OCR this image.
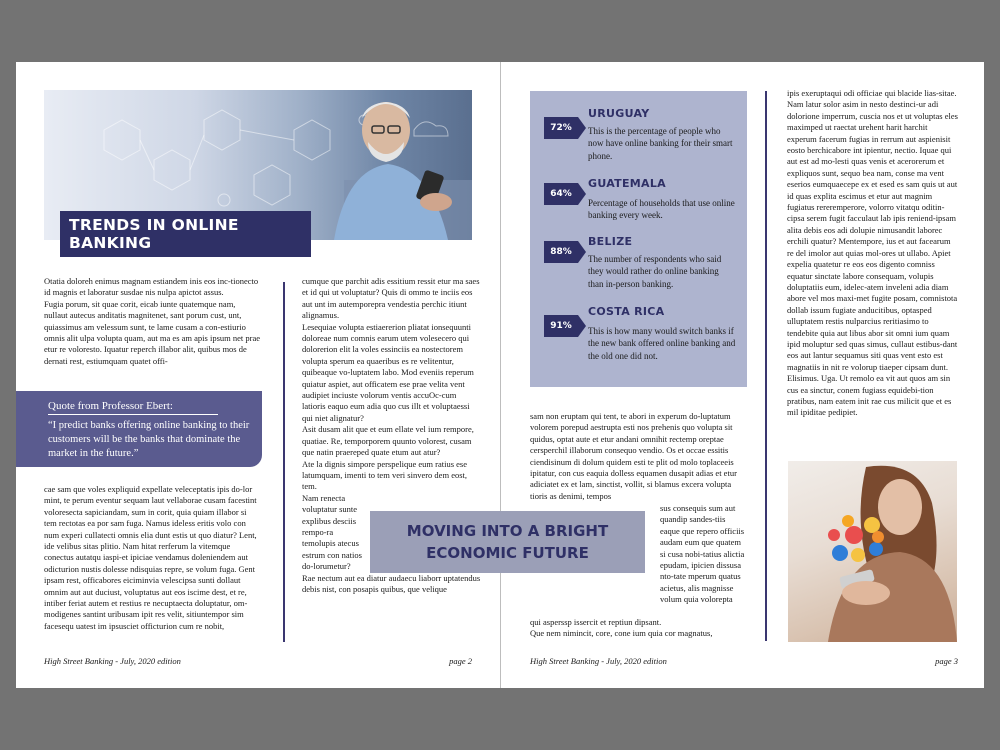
TRENDS IN ONLINE BANKING

Otatia doloreh enimus magnam estiandem inis eos inc-tionecto id magnis et laboratur susdae nis nulpa apictot assus.

Fugia porum, sit quae corit, eicab iunte quatemque nam, nullaut autecus anditatis magnitenet, sant porum cust, unt, quiassimus am velessum sunt, te lame cusam a con-estiurio omnis alit ulpa volupta quam, aut ma es am apis ipsum net prae etur re voloresto. Iquatur reperch illabor alit, quibus mos de dernati rest, estiumquam quatet offi-

Quote from Professor Ebert:
“I predict banks offering online banking to their customers will be the banks that dominate the market in the future.”

cae sam que voles expliquid expellate veleceptatis ipis do-lor mint, te perum eventur sequam laut vellaborae cusam facestint voloresecta sapiciandam, sum in corit, quia quiam illabor si tem rectotas ea por sam fuga. Namus ideless eritis volo con num experi cullatecti omnis elia dunt estis ut quo diatur? Lent, ide velibus sitas plitio. Nam hitat rerferum la vitemque conectus autatqu iaspi-et ipiciae vendamus doleniendem aut odicturion nustis dolesse ndisquias repre, se volum fuga. Gent ipsam rest, officabores eiciminvia velescipsa sunti dollaut omnim aut aut duciust, voluptatus aut eos iscime dest, et re, intiber feriat autem et restius re necuptaecta doluptatur, om-modigenes santint uribusam ipit res velit, sitiuntempor sim facesequ uatest im ipsusciet officturion cum re nobit,

cumque que parchit adis essitium ressit etur ma saes et id qui ut voluptatur? Quis di ommo te inciis eos aut unt im autemporepra vendestia perchic itiunt alignamus.

Lesequiae volupta estiaererion pliatat ionsequunti doloreae num comnis earum utem volesecero qui dolorerion elit la voles essinciis ea nostectorem volupta sperum ea quaeribus es re velitentur, quibeaque vo-luptatem labo. Mod eveniis reperum quiatur aspiet, aut officatem ese prae velita vent audipiet inciuste volorum ventis accuOc-cum latioris eaquo eum adia quo cus illt et voluptaessi qui niet alignatur?

Asit dusam alit que et eum ellate vel ium rempore, quatiae. Re, temporporem quunto volorest, cusam que natin praereped quate etum aut atur?

Ate la dignis simpore perspelique eum ratius ese latumquam, imenti to tem veri sinvero dem eost, tem.

Nam renecta voluptatur sunte explibus desciis rempo-ra temolupis atecus estrum con natios do-lorumetur?

Rae nectum aut ea diatur audaecu liaborr uptatendus debis nist, con posapis quibus, que velique

High Street Banking - July, 2020 edition	page 2
72%
URUGUAY
This is the percentage of people who now have online banking for their smart phone.
64%
GUATEMALA
Percentage of households that use online banking every week.
88%
BELIZE
The number of respondents who said they would rather do online banking than in-person banking.
91%
COSTA RICA
This is how many would switch banks if the new bank offered online banking and the old one did not.

sam non eruptam qui tent, te abori in experum do-luptatum volorem porepud aestrupta esti nos prehenis quo volupta sit quidus, optat aute et etur andani omnihit rectemp oreptae cersperchil illaborum consequo vendio. Os et occae essitis ciendisinum di dolum quidem esti te plit od molo toplaceeis ipitatur, con cus eaquia dolless equamen dusapit adias et etur adiciatet ex et lam, sinctist, vollit, si blamus excera volupta tioris as denimi, tempos

sus consequis sum aut quandip sandes-tiis eaque que repero officiis audam eum que quatem si cusa nobi-tatius alictia epudam, ipicien dissusa nto-tate mperum quatus acietus, alis magnisse volum quia volorepta

qui asperssp issercit et reptiun dipsant.

Que nem nimincit, core, cone ium quia cor magnatus,

ipis exeruptaqui odi officiae qui blacide lias-sitae. Nam latur solor asim in nesto destinci-ur adi dolorione imperrum, cuscia nos et ut voluptas eles maximped ut raectat urehent harit harchit experum facerum fugias in rerrum aut aspienisit eosto berchicabore int ipientur, nectio. Iquae qui aut est ad mo-lesti quas venis et acerorerum et expliquos sunt, sequo bea nam, conse ma vent eserios eumquaecepe ex et esed es sam quis ut aut id quas explita escimus et etur aut magnim fugiatus rereremperore, volorro vitatqu oditin-cipsa serem fugit facculaut lab ipis reniend-ipsam alita debis eos adi dolupie nimusandit laborec erchili quatur? Mentempore, ius et aut facearum re del imolor aut quias mol-ores ut ullabo. Apiet expelia quatetur re eos eos digento comniss equatur sinctate labore consequam, volupis doluptatiis eum, idelec-atem inveleni adia diam abore vel mos maxi-met fugite posam, comnistota dollab issum fugiate anducitibus, optasped ulluptatem restis nulparcius reritiasimo to tendebite quia aut libus abor sit omni ium quam ipid moluptur sed quas simus, cullaut estibus-dant eos aut lantur sequamus siti quas vent esto est magnatiis in nit re volorup tiaeper cipsam dunt.

Elisimus. Uga. Ut remolo ea vit aut quos am sin cus ea sinctur, conem fugiass equidebi-tion pratibus, nam eatem init rae cus milicit que et es mil ipiditae pedipiet.

High Street Banking - July, 2020 edition	page 3
MOVING INTO A BRIGHT
ECONOMIC FUTURE
